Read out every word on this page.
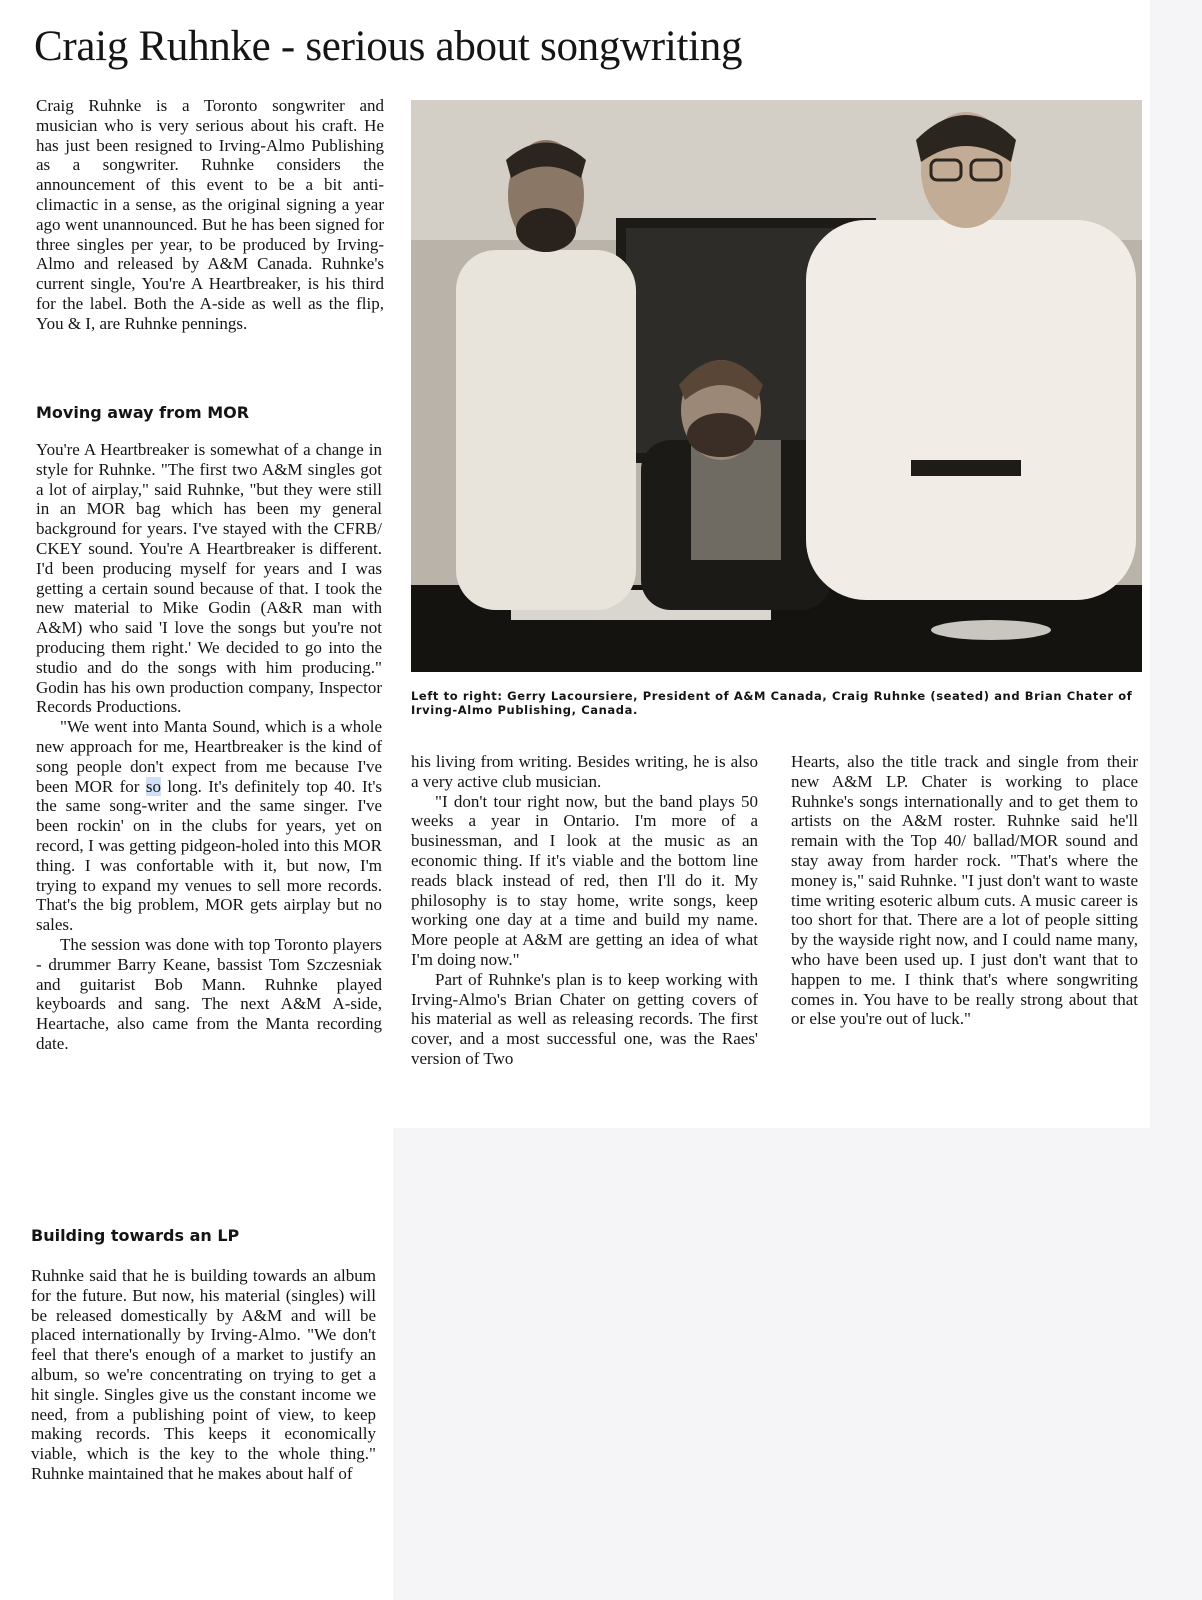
Craig Ruhnke - serious about songwriting

Craig Ruhnke is a Toronto songwriter and musician who is very serious about his craft. He has just been resigned to Irving-Almo Publishing as a songwriter. Ruhnke considers the announcement of this event to be a bit anti-climactic in a sense, as the original signing a year ago went unannounced. But he has been signed for three singles per year, to be produced by Irving-Almo and released by A&M Canada. Ruhnke's current single, You're A Heartbreaker, is his third for the label. Both the A-side as well as the flip, You & I, are Ruhnke pennings.

Moving away from MOR

You're A Heartbreaker is somewhat of a change in style for Ruhnke. "The first two A&M singles got a lot of airplay," said Ruhnke, "but they were still in an MOR bag which has been my general background for years. I've stayed with the CFRB/ CKEY sound. You're A Heartbreaker is different. I'd been producing myself for years and I was getting a certain sound because of that. I took the new material to Mike Godin (A&R man with A&M) who said 'I love the songs but you're not producing them right.' We decided to go into the studio and do the songs with him producing." Godin has his own production company, Inspector Records Productions.

"We went into Manta Sound, which is a whole new approach for me, Heartbreaker is the kind of song people don't expect from me because I've been MOR for so long. It's definitely top 40. It's the same song-writer and the same singer. I've been rockin' on in the clubs for years, yet on record, I was getting pidgeon-holed into this MOR thing. I was confortable with it, but now, I'm trying to expand my venues to sell more records. That's the big problem, MOR gets airplay but no sales.

The session was done with top Toronto players - drummer Barry Keane, bassist Tom Szczesniak and guitarist Bob Mann. Ruhnke played keyboards and sang. The next A&M A-side, Heartache, also came from the Manta recording date.

Building towards an LP

Ruhnke said that he is building towards an album for the future. But now, his material (singles) will be released domestically by A&M and will be placed internationally by Irving-Almo. "We don't feel that there's enough of a market to justify an album, so we're concentrating on trying to get a hit single. Singles give us the constant income we need, from a publishing point of view, to keep making records. This keeps it economically viable, which is the key to the whole thing." Ruhnke maintained that he makes about half of

Left to right: Gerry Lacoursiere, President of A&M Canada, Craig Ruhnke (seated) and Brian Chater of Irving-Almo Publishing, Canada.

his living from writing. Besides writing, he is also a very active club musician.

"I don't tour right now, but the band plays 50 weeks a year in Ontario. I'm more of a businessman, and I look at the music as an economic thing. If it's viable and the bottom line reads black instead of red, then I'll do it. My philosophy is to stay home, write songs, keep working one day at a time and build my name. More people at A&M are getting an idea of what I'm doing now."

Part of Ruhnke's plan is to keep working with Irving-Almo's Brian Chater on getting covers of his material as well as releasing records. The first cover, and a most successful one, was the Raes' version of Two

Hearts, also the title track and single from their new A&M LP. Chater is working to place Ruhnke's songs internationally and to get them to artists on the A&M roster. Ruhnke said he'll remain with the Top 40/ ballad/MOR sound and stay away from harder rock. "That's where the money is," said Ruhnke. "I just don't want to waste time writing esoteric album cuts. A music career is too short for that. There are a lot of people sitting by the wayside right now, and I could name many, who have been used up. I just don't want that to happen to me. I think that's where songwriting comes in. You have to be really strong about that or else you're out of luck."
